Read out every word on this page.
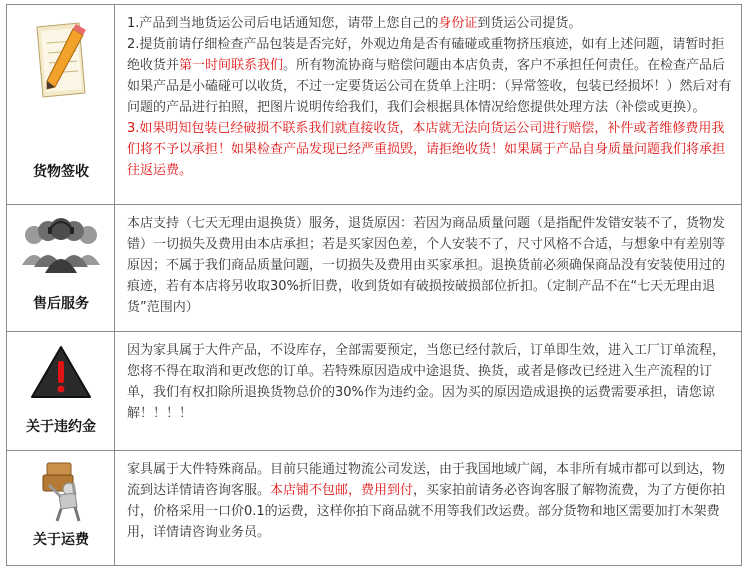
货物签收

1.产品到当地货运公司后电话通知您，请带上您自己的身份证到货运公司提货。

2.提货前请仔细检查产品包装是否完好，外观边角是否有磕碰或重物挤压痕迹，如有上述问题，请暂时拒绝收货并第一时间联系我们。所有物流协商与赔偿问题由本店负责，客户不承担任何责任。在检查产品后如果产品是小磕碰可以收货，不过一定要货运公司在货单上注明：（异常签收，包装已经损坏！）然后对有问题的产品进行拍照，把图片说明传给我们，我们会根据具体情况给您提供处理方法（补偿或更换）。

3.如果明知包装已经破损不联系我们就直接收货，本店就无法向货运公司进行赔偿，补件或者维修费用我们将不予以承担！如果检查产品发现已经严重损毁，请拒绝收货！如果属于产品自身质量问题我们将承担往返运费。

售后服务

本店支持（七天无理由退换货）服务，退货原因：若因为商品质量问题（是指配件发错安装不了，货物发错）一切损失及费用由本店承担；若是买家因色差，个人安装不了，尺寸风格不合适，与想象中有差别等原因；不属于我们商品质量问题，一切损失及费用由买家承担。退换货前必须确保商品没有安装使用过的痕迹，若有本店将另收取30%折旧费，收到货如有破损按破损部位折扣。（定制产品不在“七天无理由退货”范围内）

关于违约金

因为家具属于大件产品，不设库存，全部需要预定，当您已经付款后，订单即生效，进入工厂订单流程，您将不得在取消和更改您的订单。若特殊原因造成中途退货、换货，或者是修改已经进入生产流程的订单，我们有权扣除所退换货物总价的30%作为违约金。因为买的原因造成退换的运费需要承担，请您谅解！！！！

关于运费

家具属于大件特殊商品。目前只能通过物流公司发送，由于我国地域广阔，本非所有城市都可以到达，物流到达详情请咨询客服。本店铺不包邮，费用到付，买家拍前请务必咨询客服了解物流费，为了方便你拍付，价格采用一口价0.1的运费，这样你拍下商品就不用等我们改运费。部分货物和地区需要加打木架费用，详情请咨询业务员。
